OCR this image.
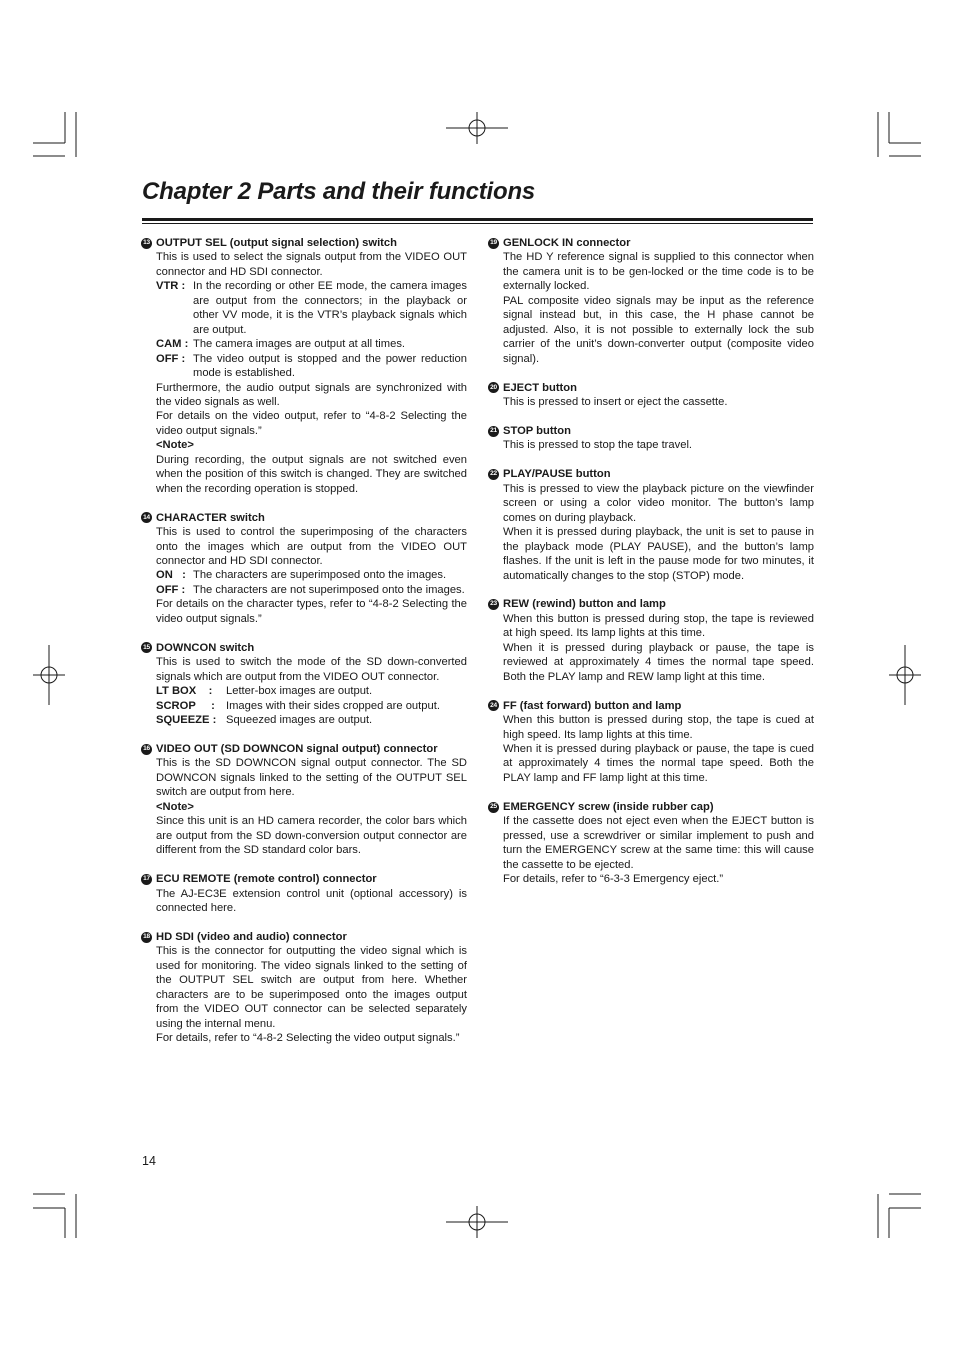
Chapter 2 Parts and their functions
13 OUTPUT SEL (output signal selection) switch

This is used to select the signals output from the VIDEO OUT connector and HD SDI connector.

VTR : In the recording or other EE mode, the camera images are output from the connectors; in the playback or other VV mode, it is the VTR’s playback signals which are output.
CAM : The camera images are output at all times.
OFF : The video output is stopped and the power reduction mode is established.

Furthermore, the audio output signals are synchronized with the video signals as well.

For details on the video output, refer to “4-8-2 Selecting the video output signals.”

<Note>

During recording, the output signals are not switched even when the position of this switch is changed. They are switched when the recording operation is stopped.

14 CHARACTER switch

This is used to control the superimposing of the characters onto the images which are output from the VIDEO OUT connector and HD SDI connector.

ON   : The characters are superimposed onto the images.
OFF : The characters are not superimposed onto the images.

For details on the character types, refer to “4-8-2 Selecting the video output signals.”

15 DOWNCON switch

This is used to switch the mode of the SD down-converted signals which are output from the VIDEO OUT connector.

LT BOX    :	Letter-box images are output.
SCROP     : Images with their sides cropped are output.
SQUEEZE : Squeezed images are output.
16 VIDEO OUT (SD DOWNCON signal output) connector

This is the SD DOWNCON signal output connector. The SD DOWNCON signals linked to the setting of the OUTPUT SEL switch are output from here.

<Note>

Since this unit is an HD camera recorder, the color bars which are output from the SD down-conversion output connector are different from the SD standard color bars.

17 ECU REMOTE (remote control) connector

The AJ-EC3E extension control unit (optional accessory) is connected here.

18 HD SDI (video and audio) connector

This is the connector for outputting the video signal which is used for monitoring. The video signals linked to the setting of the OUTPUT SEL switch are output from here. Whether characters are to be superimposed onto the images output from the VIDEO OUT connector can be selected separately using the internal menu.

For details, refer to “4-8-2 Selecting the video output signals.”

19 GENLOCK IN connector

The HD Y reference signal is supplied to this connector when the camera unit is to be gen-locked or the time code is to be externally locked.

PAL composite video signals may be input as the reference signal instead but, in this case, the H phase cannot be adjusted. Also, it is not possible to externally lock the sub carrier of the unit’s down-converter output (composite video signal).

20 EJECT button

This is pressed to insert or eject the cassette.

21 STOP button

This is pressed to stop the tape travel.

22 PLAY/PAUSE button

This is pressed to view the playback picture on the viewfinder screen or using a color video monitor. The button’s lamp comes on during playback.

When it is pressed during playback, the unit is set to pause in the playback mode (PLAY PAUSE), and the button’s lamp flashes. If the unit is left in the pause mode for two minutes, it automatically changes to the stop (STOP) mode.

23 REW (rewind) button and lamp

When this button is pressed during stop, the tape is reviewed at high speed. Its lamp lights at this time.

When it is pressed during playback or pause, the tape is reviewed at approximately 4 times the normal tape speed. Both the PLAY lamp and REW lamp light at this time.

24 FF (fast forward) button and lamp

When this button is pressed during stop, the tape is cued at high speed. Its lamp lights at this time.

When it is pressed during playback or pause, the tape is cued at approximately 4 times the normal tape speed. Both the PLAY lamp and FF lamp light at this time.

25 EMERGENCY screw (inside rubber cap)

If the cassette does not eject even when the EJECT button is pressed, use a screwdriver or similar implement to push and turn the EMERGENCY screw at the same time: this will cause the cassette to be ejected.

For details, refer to “6-3-3 Emergency eject.”

14
